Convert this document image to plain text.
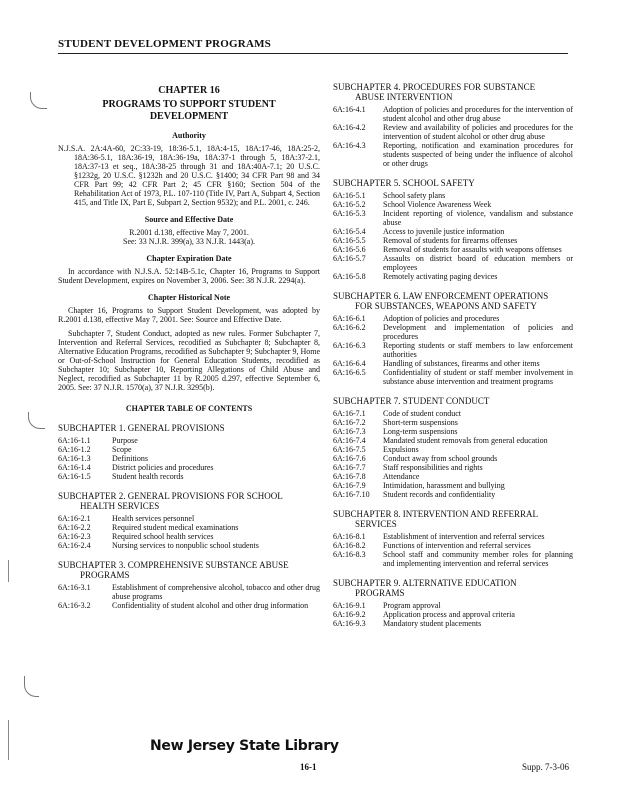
STUDENT DEVELOPMENT PROGRAMS
CHAPTER 16
PROGRAMS TO SUPPORT STUDENT DEVELOPMENT
Authority

N.J.S.A. 2A:4A-60, 2C:33-19, 18:36-5.1, 18A:4-15, 18A:17-46, 18A:25-2, 18A:36-5.1, 18A:36-19, 18A:36-19a, 18A:37-1 through 5, 18A:37-2.1, 18A:37-13 et seq., 18A:38-25 through 31 and 18A:40A-7.1; 20 U.S.C. §1232g, 20 U.S.C. §1232h and 20 U.S.C. §1400; 34 CFR Part 98 and 34 CFR Part 99; 42 CFR Part 2; 45 CFR §160; Section 504 of the Rehabilitation Act of 1973, P.L. 107-110 (Title IV, Part A, Subpart 4, Section 415, and Title IX, Part E, Subpart 2, Section 9532); and P.L. 2001, c. 246.

Source and Effective Date

R.2001 d.138, effective May 7, 2001.

See: 33 N.J.R. 399(a), 33 N.J.R. 1443(a).

Chapter Expiration Date

In accordance with N.J.S.A. 52:14B-5.1c, Chapter 16, Programs to Support Student Development, expires on November 3, 2006. See: 38 N.J.R. 2294(a).

Chapter Historical Note

Chapter 16, Programs to Support Student Development, was adopted by R.2001 d.138, effective May 7, 2001. See: Source and Effective Date.

Subchapter 7, Student Conduct, adopted as new rules. Former Subchapter 7, Intervention and Referral Services, recodified as Subchapter 8; Subchapter 8, Alternative Education Programs, recodified as Subchapter 9; Subchapter 9, Home or Out-of-School Instruction for General Education Students, recodified as Subchapter 10; Subchapter 10, Reporting Allegations of Child Abuse and Neglect, recodified as Subchapter 11 by R.2005 d.297, effective September 6, 2005. See: 37 N.J.R. 1570(a), 37 N.J.R. 3295(b).

CHAPTER TABLE OF CONTENTS
SUBCHAPTER 1. GENERAL PROVISIONS
6A:16-1.1	Purpose
6A:16-1.2	Scope
6A:16-1.3	Definitions
6A:16-1.4	District policies and procedures
6A:16-1.5	Student health records
SUBCHAPTER 2. GENERAL PROVISIONS FOR SCHOOL
HEALTH SERVICES
6A:16-2.1	Health services personnel
6A:16-2.2	Required student medical examinations
6A:16-2.3	Required school health services
6A:16-2.4	Nursing services to nonpublic school students
SUBCHAPTER 3. COMPREHENSIVE SUBSTANCE ABUSE
PROGRAMS
6A:16-3.1	Establishment of comprehensive alcohol, tobacco and other drug abuse programs
6A:16-3.2	Confidentiality of student alcohol and other drug information
SUBCHAPTER 4. PROCEDURES FOR SUBSTANCE
ABUSE INTERVENTION
6A:16-4.1	Adoption of policies and procedures for the intervention of student alcohol and other drug abuse
6A:16-4.2	Review and availability of policies and procedures for the intervention of student alcohol or other drug abuse
6A:16-4.3	Reporting, notification and examination procedures for students suspected of being under the influence of alcohol or other drugs
SUBCHAPTER 5. SCHOOL SAFETY
6A:16-5.1	School safety plans
6A:16-5.2	School Violence Awareness Week
6A:16-5.3	Incident reporting of violence, vandalism and substance abuse
6A:16-5.4	Access to juvenile justice information
6A:16-5.5	Removal of students for firearms offenses
6A:16-5.6	Removal of students for assaults with weapons offenses
6A:16-5.7	Assaults on district board of education members or employees
6A:16-5.8	Remotely activating paging devices
SUBCHAPTER 6. LAW ENFORCEMENT OPERATIONS
FOR SUBSTANCES, WEAPONS AND SAFETY
6A:16-6.1	Adoption of policies and procedures
6A:16-6.2	Development and implementation of policies and procedures
6A:16-6.3	Reporting students or staff members to law enforcement authorities
6A:16-6.4	Handling of substances, firearms and other items
6A:16-6.5	Confidentiality of student or staff member involvement in substance abuse intervention and treatment programs
SUBCHAPTER 7. STUDENT CONDUCT
6A:16-7.1	Code of student conduct
6A:16-7.2	Short-term suspensions
6A:16-7.3	Long-term suspensions
6A:16-7.4	Mandated student removals from general education
6A:16-7.5	Expulsions
6A:16-7.6	Conduct away from school grounds
6A:16-7.7	Staff responsibilities and rights
6A:16-7.8	Attendance
6A:16-7.9	Intimidation, harassment and bullying
6A:16-7.10	Student records and confidentiality
SUBCHAPTER 8. INTERVENTION AND REFERRAL
SERVICES
6A:16-8.1	Establishment of intervention and referral services
6A:16-8.2	Functions of intervention and referral services
6A:16-8.3	School staff and community member roles for planning and implementing intervention and referral services
SUBCHAPTER 9. ALTERNATIVE EDUCATION
PROGRAMS
6A:16-9.1	Program approval
6A:16-9.2	Application process and approval criteria
6A:16-9.3	Mandatory student placements
New Jersey State Library
16-1	Supp. 7-3-06
